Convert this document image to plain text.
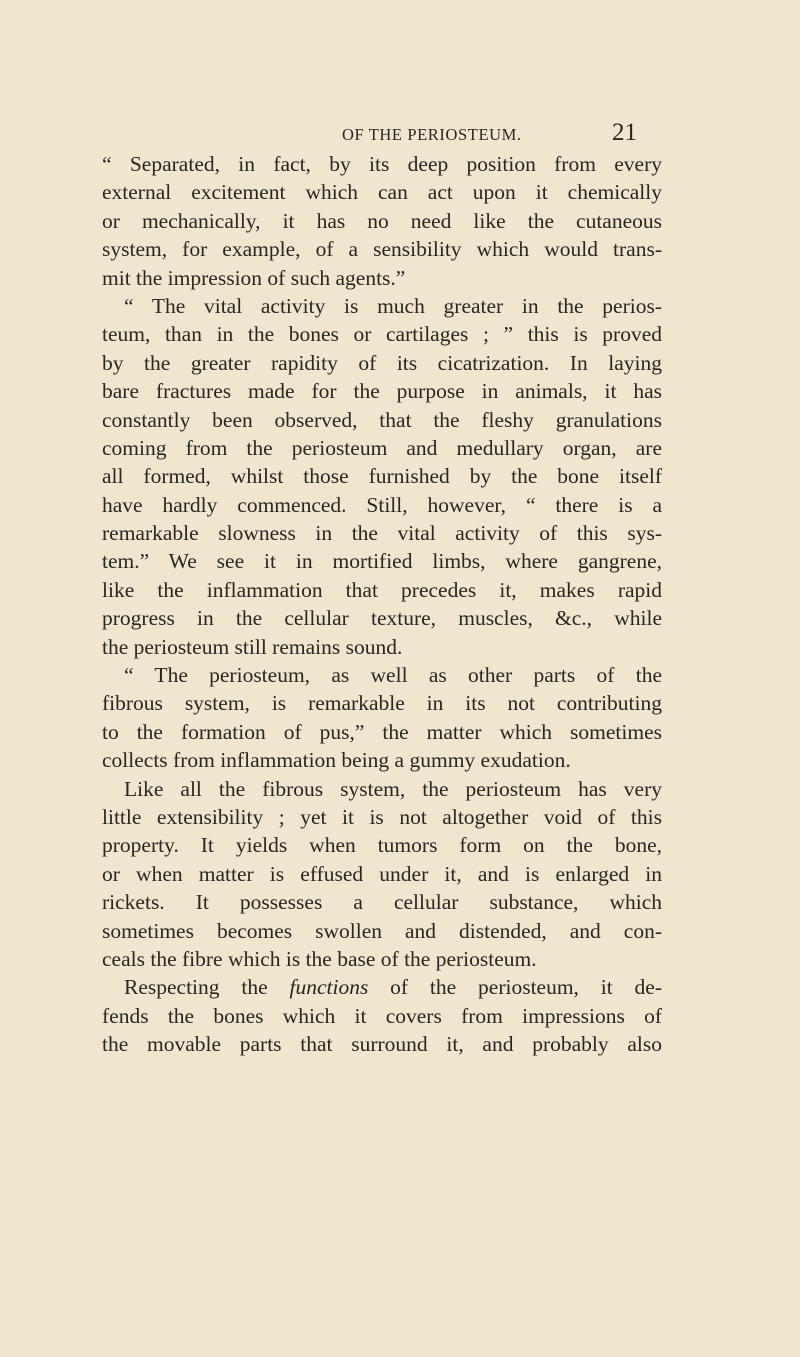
OF THE PERIOSTEUM.	21
“ Separated, in fact, by its deep position from every
external excitement which can act upon it chemically
or mechanically, it has no need like the cutaneous
system, for example, of a sensibility which would trans-
mit the impression of such agents.”
“ The vital activity is much greater in the perios-
teum, than in the bones or cartilages ; ” this is proved
by the greater rapidity of its cicatrization. In laying
bare fractures made for the purpose in animals, it has
constantly been observed, that the fleshy granulations
coming from the periosteum and medullary organ, are
all formed, whilst those furnished by the bone itself
have hardly commenced. Still, however, “ there is a
remarkable slowness in the vital activity of this sys-
tem.” We see it in mortified limbs, where gangrene,
like the inflammation that precedes it, makes rapid
progress in the cellular texture, muscles, &c., while
the periosteum still remains sound.
“ The periosteum, as well as other parts of the
fibrous system, is remarkable in its not contributing
to the formation of pus,” the matter which sometimes
collects from inflammation being a gummy exudation.
Like all the fibrous system, the periosteum has very
little extensibility ; yet it is not altogether void of this
property. It yields when tumors form on the bone,
or when matter is effused under it, and is enlarged in
rickets. It possesses a cellular substance, which
sometimes becomes swollen and distended, and con-
ceals the fibre which is the base of the periosteum.
Respecting the functions of the periosteum, it de-
fends the bones which it covers from impressions of
the movable parts that surround it, and probably also
